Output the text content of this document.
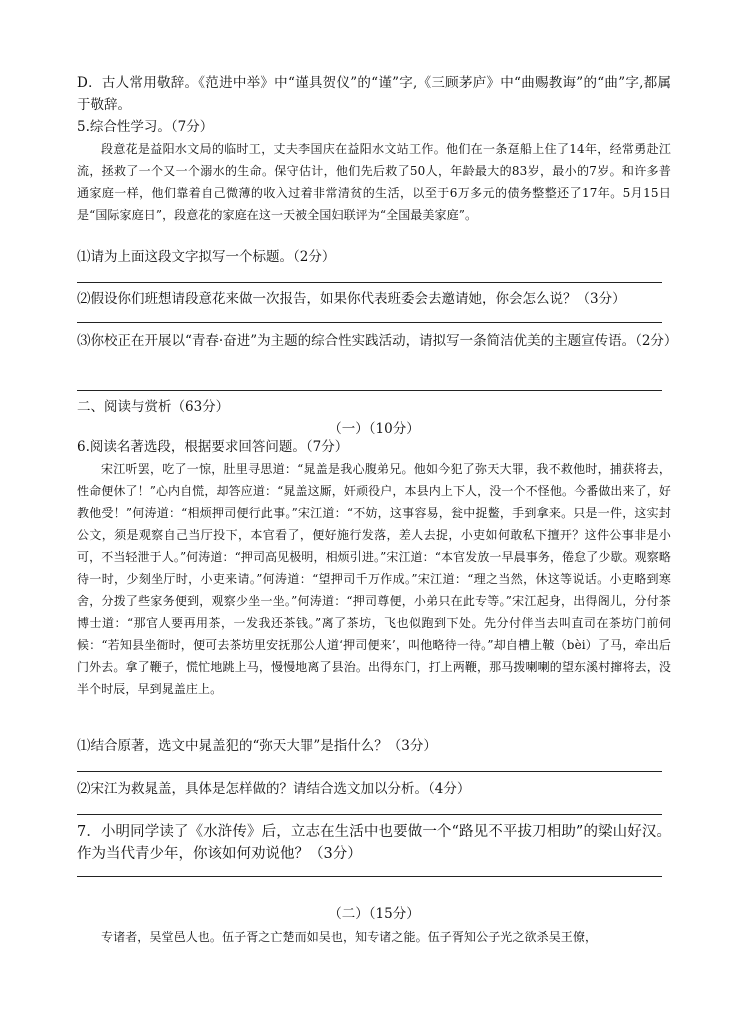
D．古人常用敬辞。《范进中举》中“谨具贺仪”的“谨”字,《三顾茅庐》中“曲赐教诲”的“曲”字,都属于敬辞。

5.综合性学习。（7分）

段意花是益阳水文局的临时工，丈夫李国庆在益阳水文站工作。他们在一条趸船上住了14年，经常勇赴江流，拯救了一个又一个溺水的生命。保守估计，他们先后救了50人，年龄最大的83岁，最小的7岁。和许多普通家庭一样，他们靠着自己微薄的收入过着非常清贫的生活，以至于6万多元的债务整整还了17年。5月15日是“国际家庭日”，段意花的家庭在这一天被全国妇联评为“全国最美家庭”。

⑴请为上面这段文字拟写一个标题。（2分）

⑵假设你们班想请段意花来做一次报告，如果你代表班委会去邀请她，你会怎么说？（3分）

⑶你校正在开展以“青春·奋进”为主题的综合性实践活动，请拟写一条简洁优美的主题宣传语。（2分）

二、阅读与赏析（63分）

（一）（10分）

6.阅读名著选段，根据要求回答问题。（7分）

宋江听罢，吃了一惊，肚里寻思道：“晁盖是我心腹弟兄。他如今犯了弥天大罪，我不救他时，捕获将去，性命便休了！”心内自慌，却答应道：“晁盖这厮，奸顽役户，本县内上下人，没一个不怪他。今番做出来了，好教他受！”何涛道：“相烦押司便行此事。”宋江道：“不妨，这事容易，瓮中捉鳖，手到拿来。只是一件，这实封公文，须是观察自己当厅投下，本官看了，便好施行发落，差人去捉，小吏如何敢私下擅开？这件公事非是小可，不当轻泄于人。”何涛道：“押司高见极明，相烦引进。”宋江道：“本官发放一早晨事务，倦怠了少歇。观察略待一时，少刻坐厅时，小吏来请。”何涛道：“望押司千万作成。”宋江道：“理之当然，休这等说话。小吏略到寒舍，分拨了些家务便到，观察少坐一坐。”何涛道：“押司尊便，小弟只在此专等。”宋江起身，出得阁儿，分付茶博士道：“那官人要再用茶，一发我还茶钱。”离了茶坊，飞也似跑到下处。先分付伴当去叫直司在茶坊门前伺候：“若知县坐衙时，便可去茶坊里安抚那公人道‘押司便来’，叫他略待一待。”却自槽上鞁（bèi）了马，牵出后门外去。拿了鞭子，慌忙地跳上马，慢慢地离了县治。出得东门，打上两鞭，那马拨喇喇的望东溪村撺将去，没半个时辰，早到晁盖庄上。

⑴结合原著，选文中晁盖犯的“弥天大罪”是指什么？（3分）

⑵宋江为救晁盖，具体是怎样做的？请结合选文加以分析。（4分）

7．小明同学读了《水浒传》后，立志在生活中也要做一个“路见不平拔刀相助”的梁山好汉。作为当代青少年，你该如何劝说他？（3分）

（二）（15分）

专诸者，吴堂邑人也。伍子胥之亡楚而如吴也，知专诸之能。伍子胥知公子光之欲杀吴王僚，
